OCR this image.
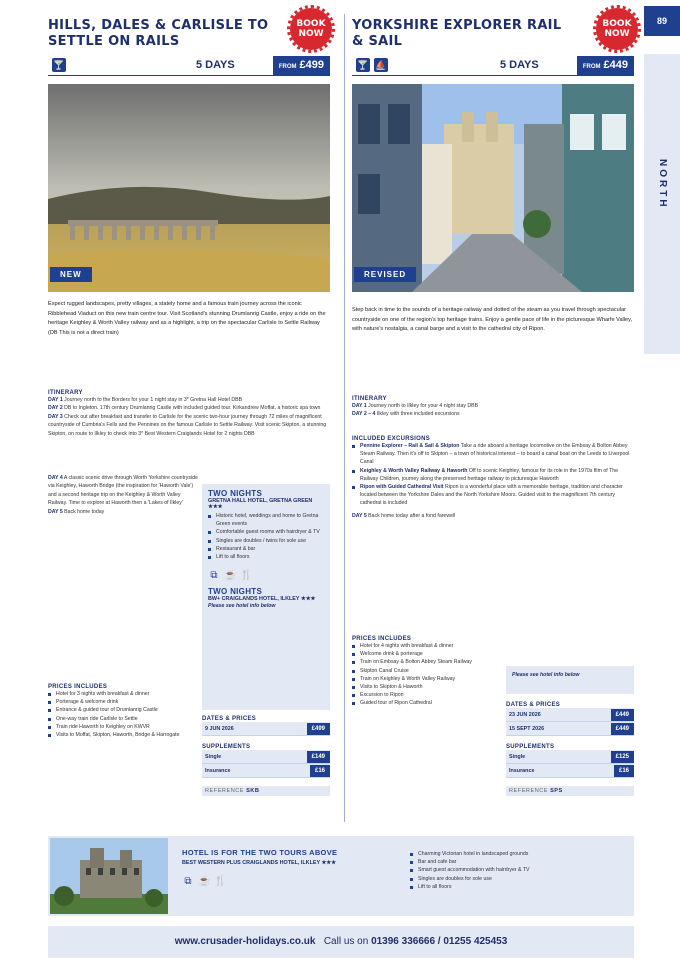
89
NORTH
HILLS, DALES & CARLISLE TO SETTLE ON RAILS
BOOK NOW
🍸	5 DAYS	FROM £499
NEW
Expect rugged landscapes, pretty villages, a stately home and a famous train journey across the iconic Ribblehead Viaduct on this new train centre tour. Visit Scotland's stunning Drumlanrig Castle, enjoy a ride on the heritage Keighley & Worth Valley railway and as a highlight, a trip on the spectacular Carlisle to Settle Railway (DB This is not a direct train)
ITINERARY
DAY 1 Journey north to the Borders for your 1 night stay in 3* Gretna Hall Hotel DBB
DAY 2 DB to Ingleton. 17th century Drumlanrig Castle with included guided tour. Kirkandrew Moffat, a historic spa town
DAY 3 Check out after breakfast and transfer to Carlisle for the scenic two-hour journey through 72 miles of magnificent countryside of Cumbria's Fells and the Pennines on the famous Carlisle to Settle Railway. Visit scenic Skipton, a stunning Skipton, on route to Ilkley to check into 3* Best Western Craiglands Hotel for 2 nights DBB
DAY 4 A classic scenic drive through Worth Yorkshire countryside via Keighley, Haworth Bridge (the inspiration for 'Haworth Vale') and a second heritage trip on the Keighley & Worth Valley Railway. Time to explore at Haworth then a 'Lakes of Ilkley'
DAY 5 Back home today
PRICES INCLUDES
Hotel for 3 nights with breakfast & dinner
Porterage & welcome drink
Entrance & guided tour of Drumlanrig Castle
One-way train ride Carlisle to Settle
Train ride Haworth to Keighley on KWVR
Visits to Moffat, Skipton, Haworth, Bridge & Harrogate
TWO NIGHTS
GRETNA HALL HOTEL, GRETNA GREEN ★★★
Historic hotel, weddings and home to Gretna Green events
Comfortable guest rooms with hairdryer & TV
Singles are doubles / twins for sole use
Restaurant & bar
Lift to all floors
⧉ ☕ 🍴
TWO NIGHTS
BW+ CRAIGLANDS HOTEL, ILKLEY ★★★
Please see hotel info below
DATES & PRICES
9 JUN 2026	£499
SUPPLEMENTS
Single	£149
Insurance	£16
REFERENCE SKB
YORKSHIRE EXPLORER RAIL & SAIL
BOOK NOW
🍸 ⛵	5 DAYS	FROM £449
REVISED
Step back in time to the sounds of a heritage railway and dotted of the steam as you travel through spectacular countryside on one of the region's top heritage trains. Enjoy a gentle pace of life in the picturesque Wharfe Valley, with nature's nostalgia, a canal barge and a visit to the cathedral city of Ripon.
ITINERARY
DAY 1 Journey north to Ilkley for your 4 night stay DBB
DAY 2 – 4 Ilkley with three included excursions
INCLUDED EXCURSIONS
Pennine Explorer – Rail & Sail & Skipton Take a ride aboard a heritage locomotive on the Embsay & Bolton Abbey Steam Railway. Then it's off to Skipton – a town of historical interest – to board a canal boat on the Leeds to Liverpool Canal
Keighley & Worth Valley Railway & Haworth Off to scenic Keighley, famous for its role in the 1970s film of The Railway Children, journey along the preserved heritage railway to picturesque Haworth
Ripon with Guided Cathedral Visit Ripon is a wonderful place with a memorable heritage, tradition and character located between the Yorkshire Dales and the North Yorkshire Moors. Guided visit to the magnificent 7th century cathedral is included
DAY 5 Back home today after a fond farewell
PRICES INCLUDES
Hotel for 4 nights with breakfast & dinner
Welcome drink & porterage
Train on Embsay & Bolton Abbey Steam Railway
Skipton Canal Cruise
Train on Keighley & Worth Valley Railway
Visits to Skipton & Haworth
Excursion to Ripon
Guided tour of Ripon Cathedral
Please see hotel info below
DATES & PRICES
23 JUN 2026	£449
15 SEPT 2026	£449
SUPPLEMENTS
Single	£125
Insurance	£16
REFERENCE SPS
HOTEL IS FOR THE TWO TOURS ABOVE
BEST WESTERN PLUS CRAIGLANDS HOTEL, ILKLEY ★★★
⧉ ☕ 🍴
Charming Victorian hotel in landscaped grounds
Bar and cafe bar
Smart guest accommodation with hairdryer & TV
Singles are doubles for sole use
Lift to all floors
www.crusader-holidays.co.uk Call us on 01396 336666 / 01255 425453
